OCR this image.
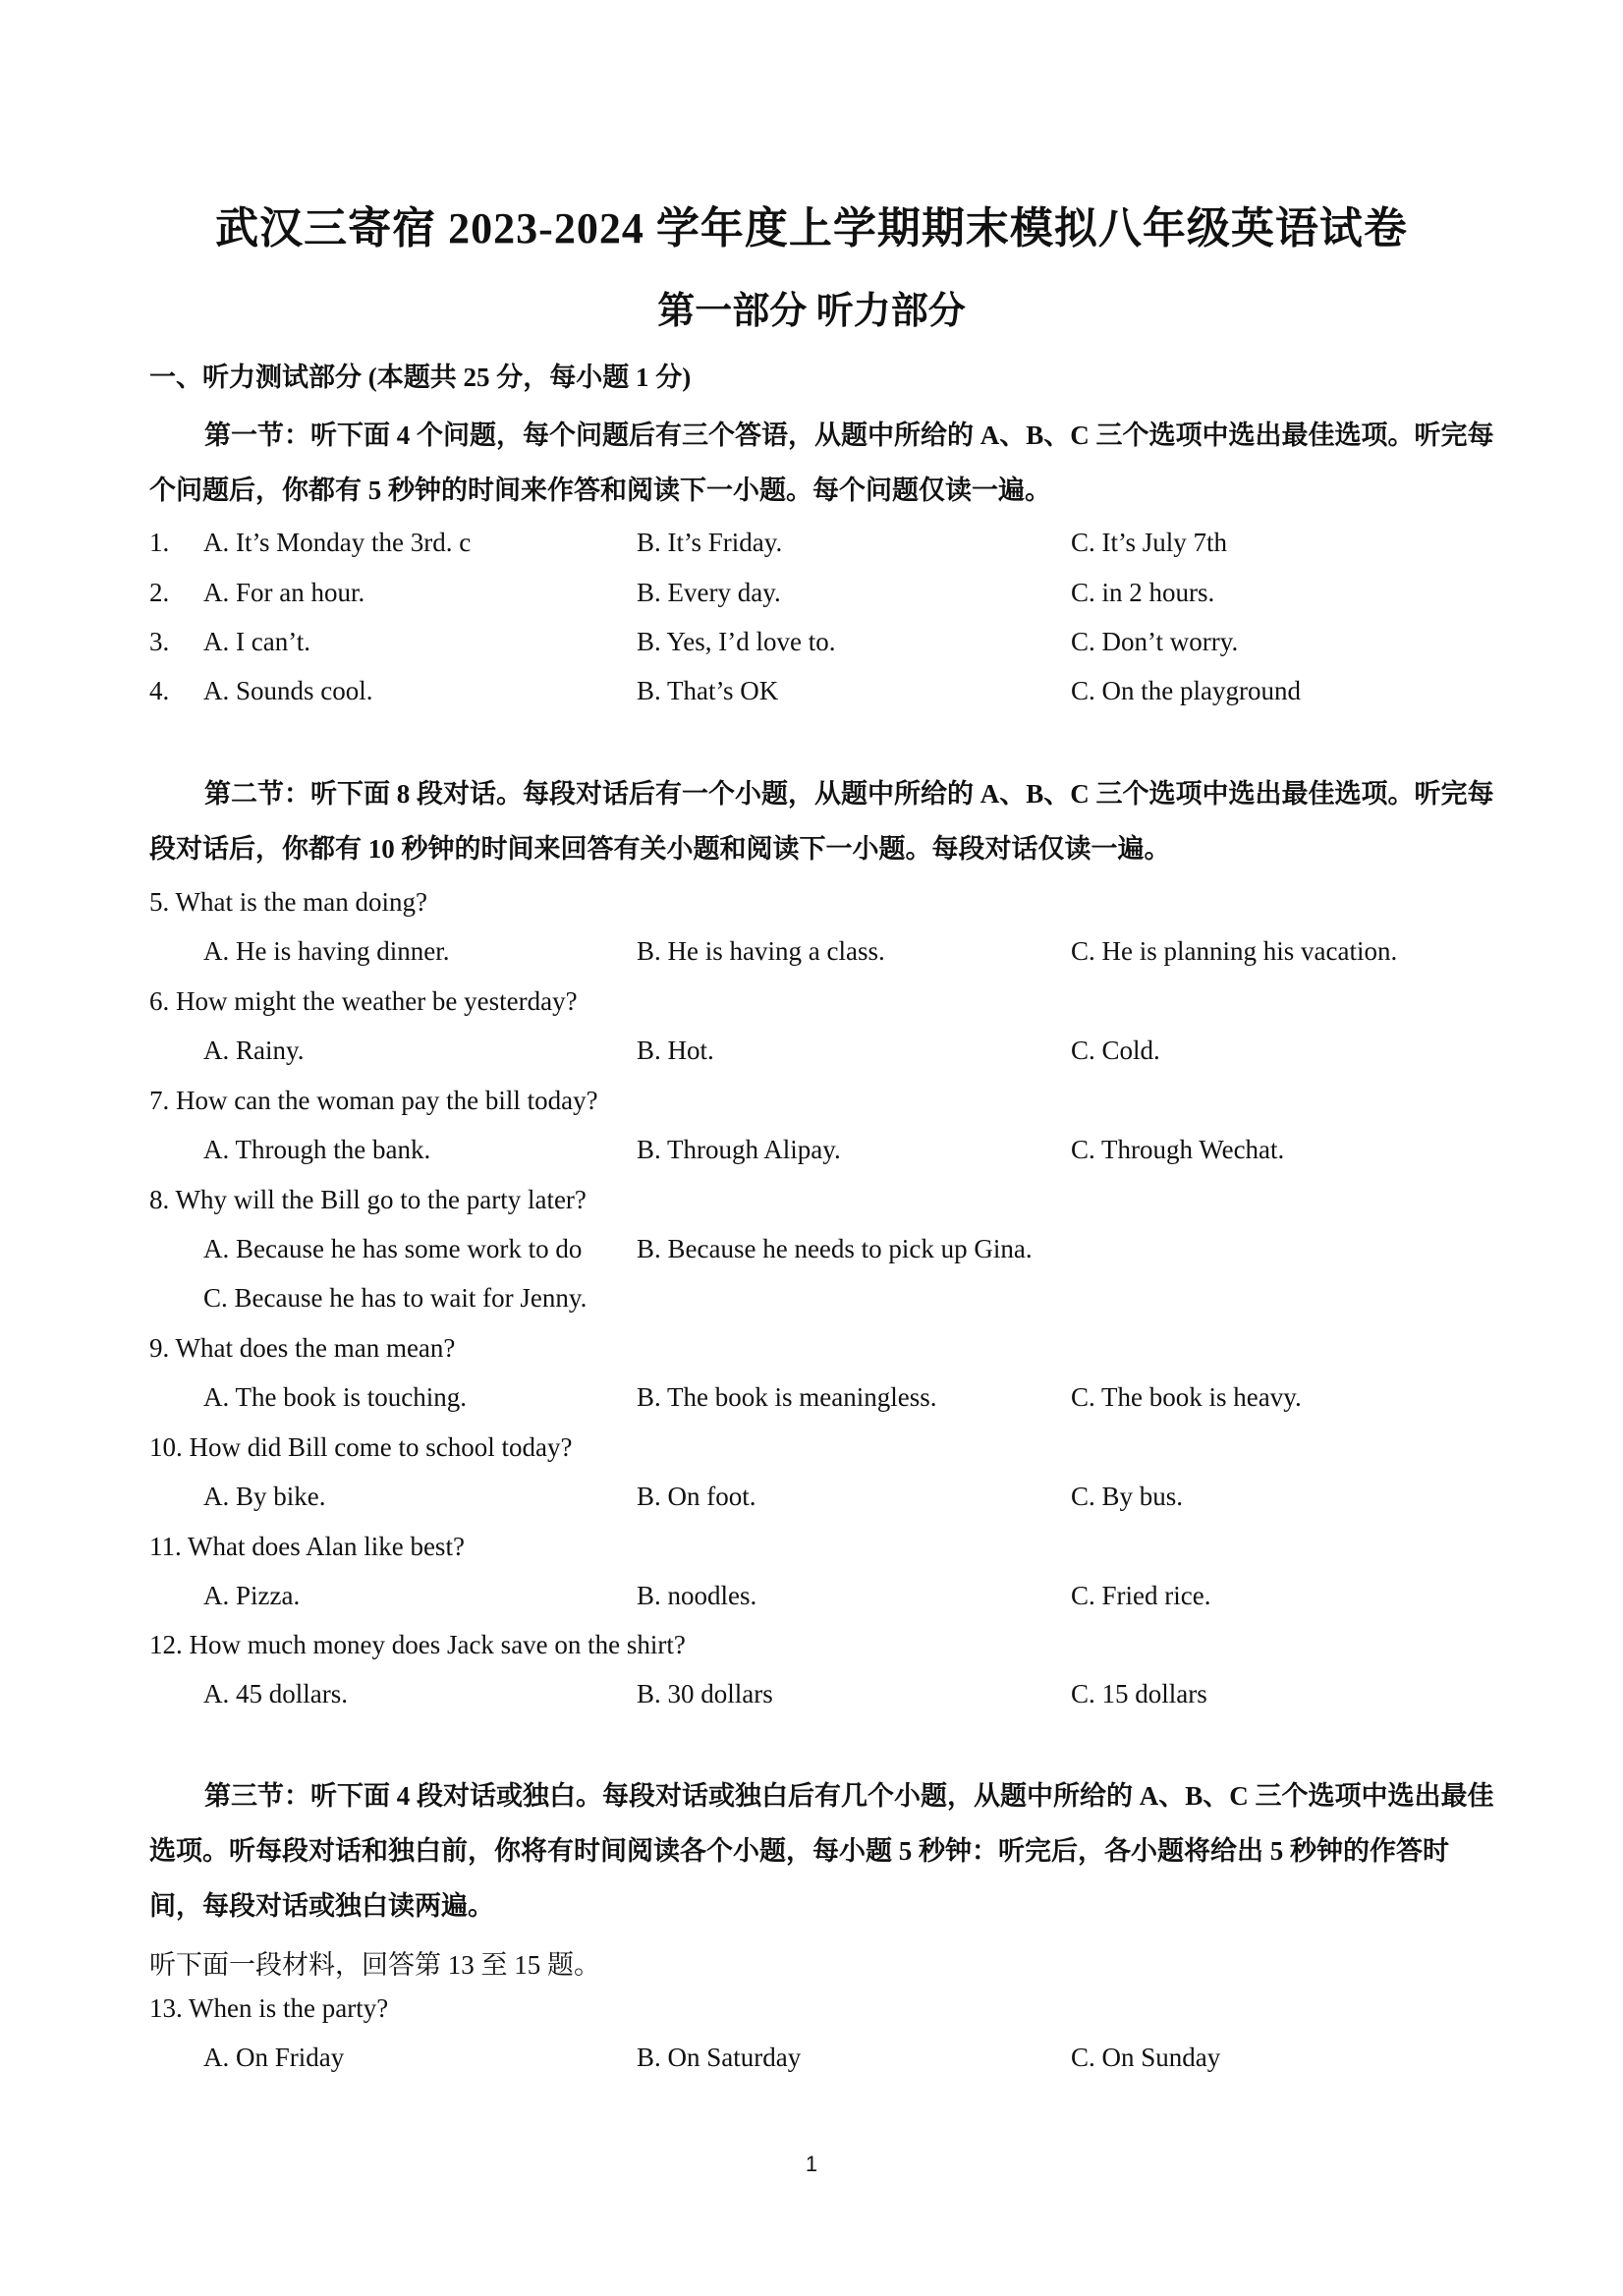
武汉三寄宿 2023-2024 学年度上学期期末模拟八年级英语试卷
第一部分 听力部分
一、听力测试部分 (本题共 25 分，每小题 1 分)
第一节：听下面 4 个问题，每个问题后有三个答语，从题中所给的 A、B、C 三个选项中选出最佳选项。听完每个问题后，你都有 5 秒钟的时间来作答和阅读下一小题。每个问题仅读一遍。
1. A. It’s Monday the 3rd. c	B. It’s Friday.	C. It’s July 7th
2. A. For an hour.	B. Every day.	C. in 2 hours.
3. A. I can’t.	B. Yes, I’d love to.	C. Don’t worry.
4. A. Sounds cool.	B. That’s OK	C. On the playground
第二节：听下面 8 段对话。每段对话后有一个小题，从题中所给的 A、B、C 三个选项中选出最佳选项。听完每段对话后，你都有 10 秒钟的时间来回答有关小题和阅读下一小题。每段对话仅读一遍。
5. What is the man doing?
A. He is having dinner.	B. He is having a class.	C. He is planning his vacation.
6. How might the weather be yesterday?
A. Rainy.	B. Hot.	C. Cold.
7. How can the woman pay the bill today?
A. Through the bank.	B. Through Alipay.	C. Through Wechat.
8. Why will the Bill go to the party later?
A. Because he has some work to do B. Because he needs to pick up Gina.
C. Because he has to wait for Jenny.
9. What does the man mean?
A. The book is touching.	B. The book is meaningless.	C. The book is heavy.
10. How did Bill come to school today?
A. By bike.	B. On foot.	C. By bus.
11. What does Alan like best?
A. Pizza.	B. noodles.	C. Fried rice.
12. How much money does Jack save on the shirt?
A. 45 dollars.	B. 30 dollars	C. 15 dollars
第三节：听下面 4 段对话或独白。每段对话或独白后有几个小题，从题中所给的 A、B、C 三个选项中选出最佳选项。听每段对话和独白前，你将有时间阅读各个小题，每小题 5 秒钟：听完后，各小题将给出 5 秒钟的作答时间，每段对话或独白读两遍。
听下面一段材料，回答第 13 至 15 题。
13. When is the party?
A. On Friday	B. On Saturday	C. On Sunday
1
